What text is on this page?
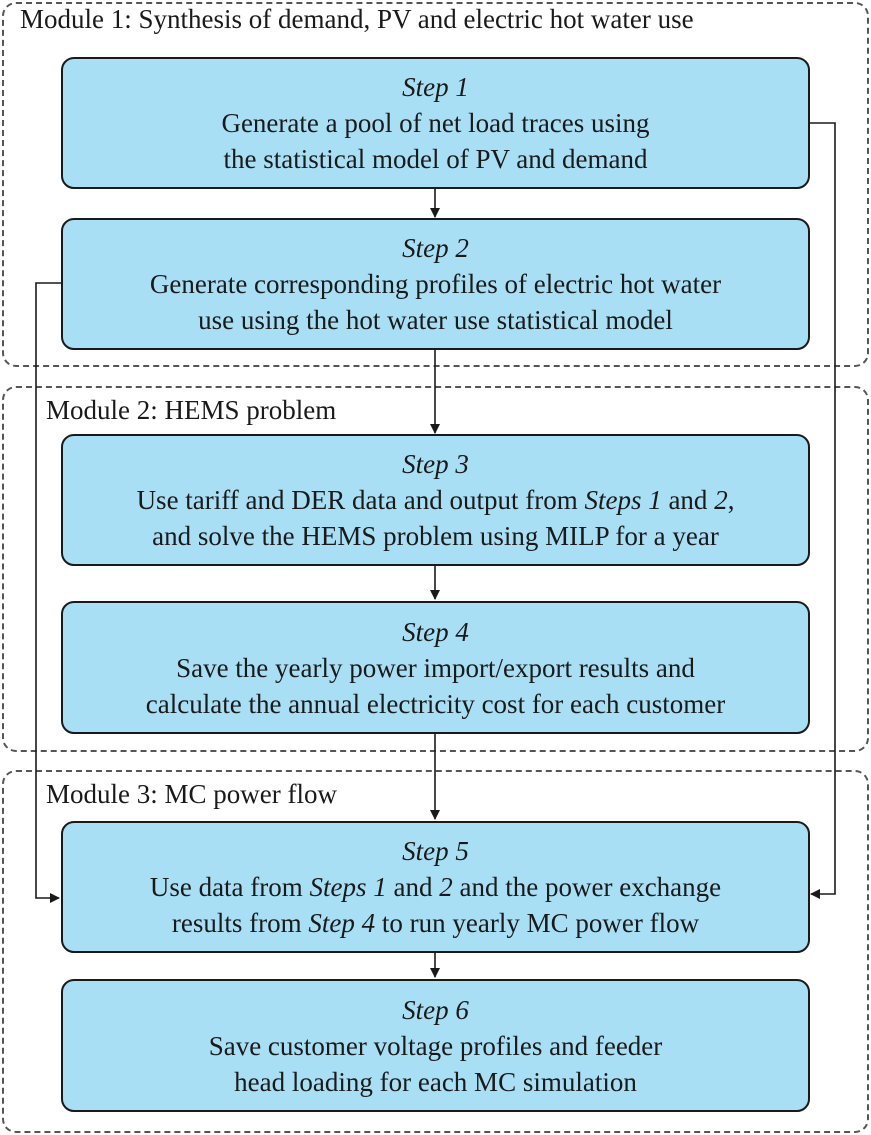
Module 1: Synthesis of demand, PV and electric hot water use
Module 2: HEMS problem
Module 3: MC power flow
Step 1
Generate a pool of net load traces using
the statistical model of PV and demand
Step 2
Generate corresponding profiles of electric hot water
use using the hot water use statistical model
Step 3
Use tariff and DER data and output from Steps 1 and 2,
and solve the HEMS problem using MILP for a year
Step 4
Save the yearly power import/export results and
calculate the annual electricity cost for each customer
Step 5
Use data from Steps 1 and 2 and the power exchange
results from Step 4 to run yearly MC power flow
Step 6
Save customer voltage profiles and feeder
head loading for each MC simulation
